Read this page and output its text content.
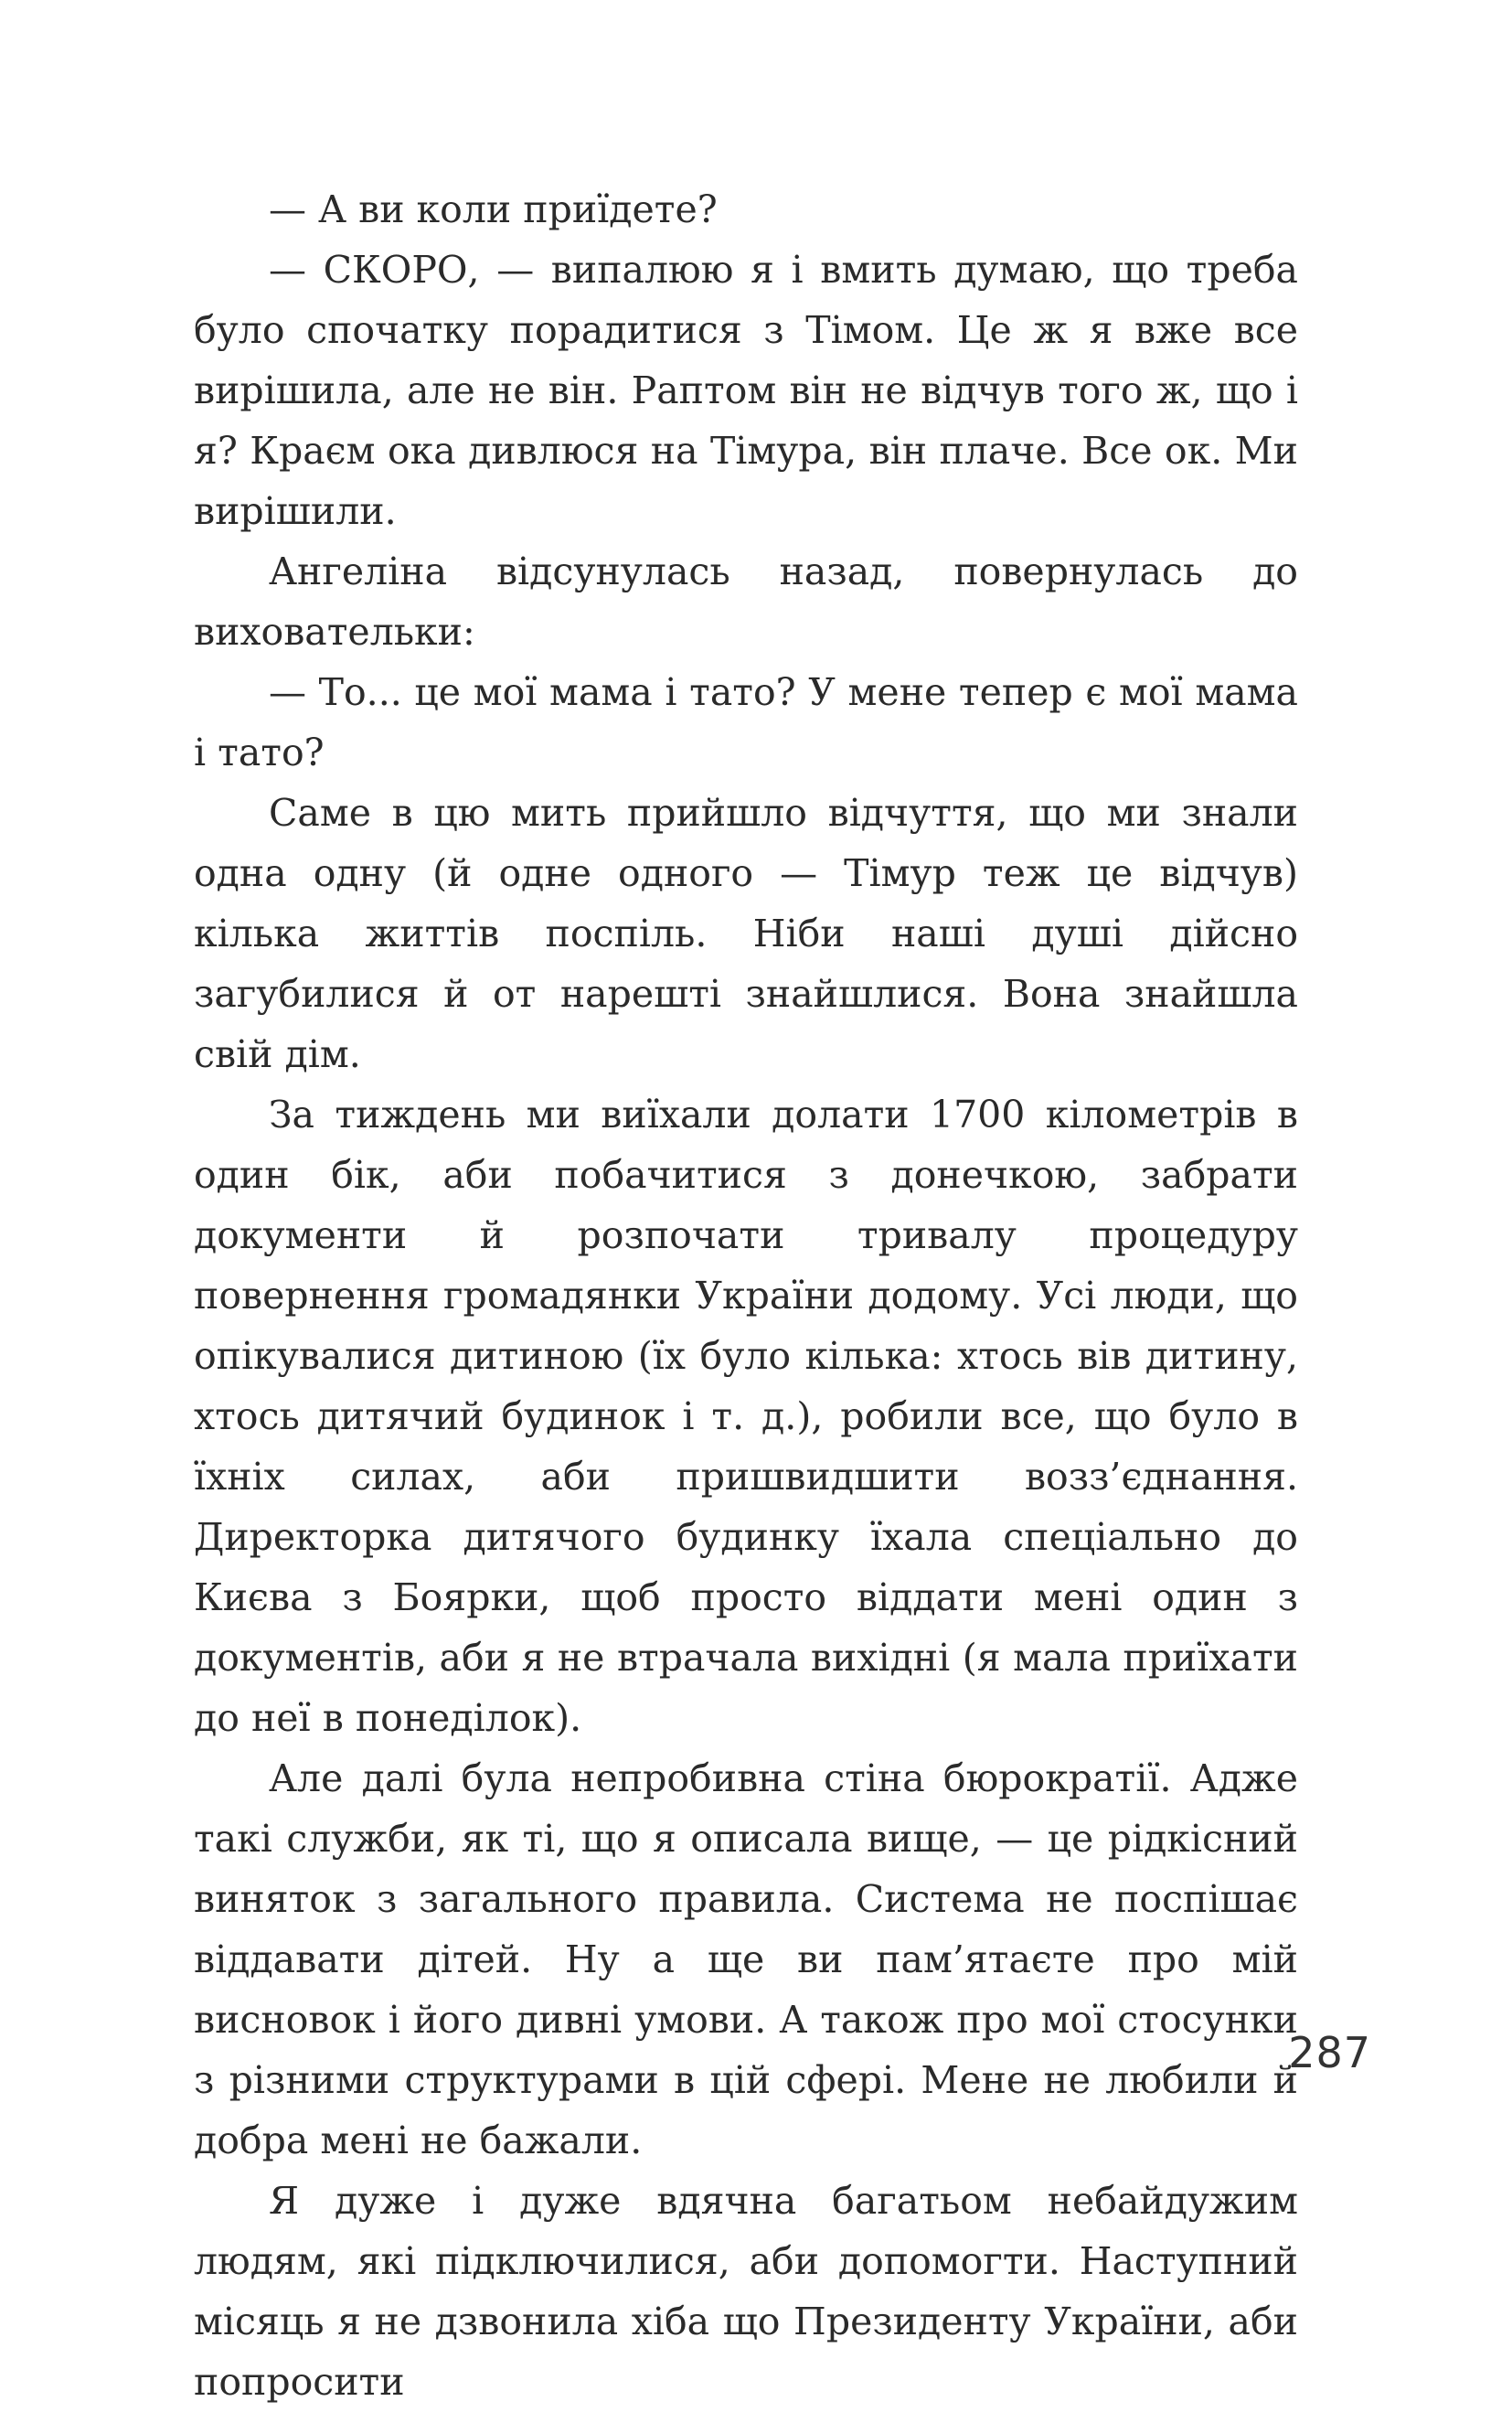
— А ви коли приїдете?

— СКОРО, — випалюю я і вмить думаю, що треба було спочатку порадитися з Тімом. Це ж я вже все вирішила, але не він. Раптом він не відчув того ж, що і я? Краєм ока дивлюся на Тімура, він плаче. Все ок. Ми вирішили.

Ангеліна відсунулась назад, повернулась до виховательки:

— То... це мої мама і тато? У мене тепер є мої мама і тато?

Саме в цю мить прийшло відчуття, що ми знали одна одну (й одне одного — Тімур теж це відчув) кілька життів поспіль. Ніби наші душі дійсно загубилися й от нарешті знайшлися. Вона знайшла свій дім.

За тиждень ми виїхали долати 1700 кілометрів в один бік, аби побачитися з донечкою, забрати документи й розпочати тривалу процедуру повернення громадянки України додому. Усі люди, що опікувалися дитиною (їх було кілька: хтось вів дитину, хтось дитячий будинок і т. д.), робили все, що було в їхніх силах, аби пришвидшити возз’єднання. Директорка дитячого будинку їхала спеціально до Києва з Боярки, щоб просто віддати мені один з документів, аби я не втрачала вихідні (я мала приїхати до неї в понеділок).

Але далі була непробивна стіна бюрократії. Адже такі служби, як ті, що я описала вище, — це рідкісний виняток з загального правила. Система не поспішає віддавати дітей. Ну а ще ви пам’ятаєте про мій висновок і його дивні умови. А також про мої стосунки з різними структурами в цій сфері. Мене не любили й добра мені не бажали.

Я дуже і дуже вдячна багатьом небайдужим людям, які підключилися, аби допомогти. Наступний місяць я не дзвонила хіба що Президенту України, аби попросити

287
